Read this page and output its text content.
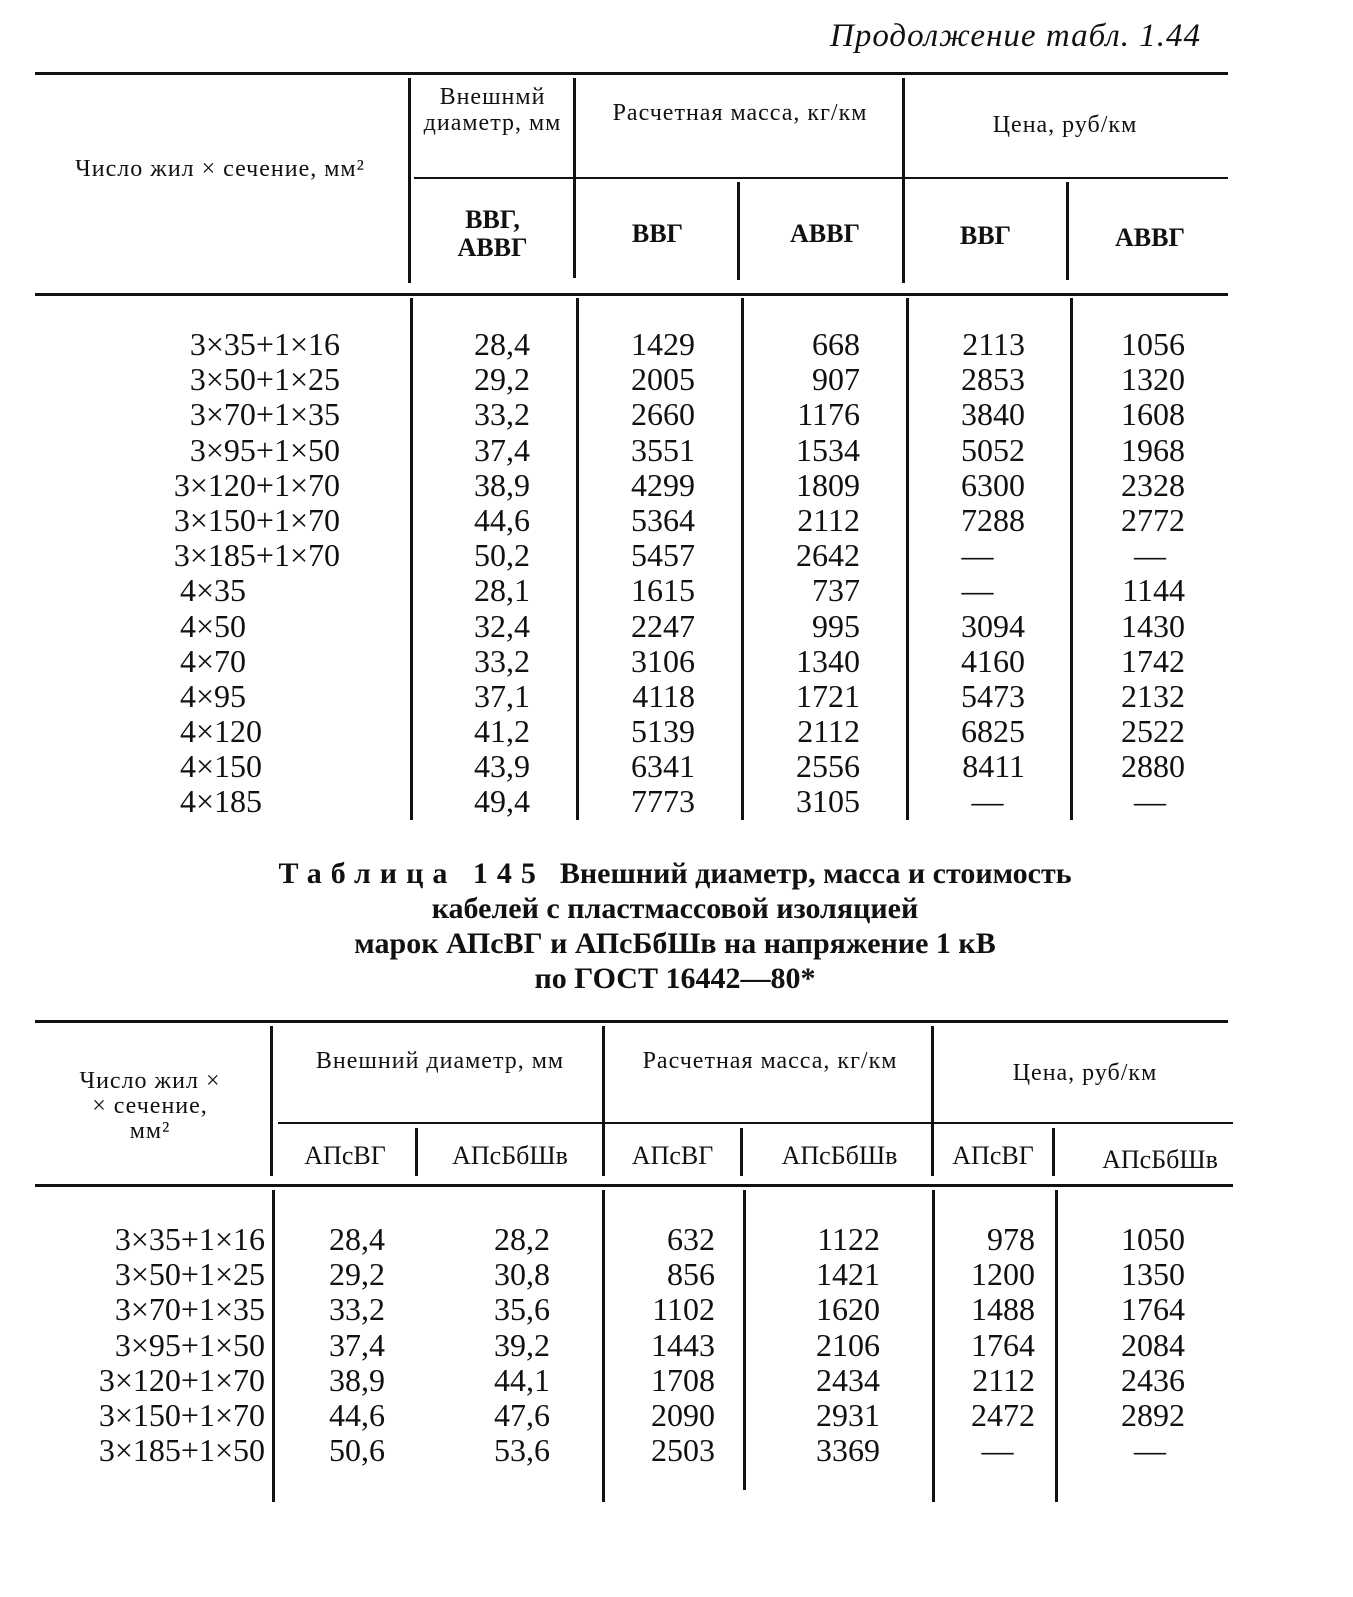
Продолжение табл. 1.44
Число жил × сечение, мм²
Внешнмй диаметр, мм
ВВГ, АВВГ
Расчетная масса, кг/км	Цена, руб/км
ВВГ	АВВГ	ВВГ	АВВГ
3×35+1×16	28,4	1429	668	2113	1056
3×50+1×25	29,2	2005	907	2853	1320
3×70+1×35	33,2	2660	1176	3840	1608
3×95+1×50	37,4	3551	1534	5052	1968
3×120+1×70	38,9	4299	1809	6300	2328
3×150+1×70	44,6	5364	2112	7288	2772
3×185+1×70	50,2	5457	2642	—	—
4×35	28,1	1615	737	—	1144
4×50	32,4	2247	995	3094	1430
4×70	33,2	3106	1340	4160	1742
4×95	37,1	4118	1721	5473	2132
4×120	41,2	5139	2112	6825	2522
4×150	43,9	6341	2556	8411	2880
4×185	49,4	7773	3105	—	—
Таблица 145 Внешний диаметр, масса и стоимость
кабелей с пластмассовой изоляцией
марок АПсВГ и АПсБбШв на напряжение 1 кВ
по ГОСТ 16442—80*
Число жил ×
× сечение,
мм²
Внешний диаметр, мм	Расчетная масса, кг/км	Цена, руб/км
АПсВГ	АПсБбШв	АПсВГ	АПсБбШв	АПсВГ	АПсБбШв
3×35+1×16	28,4	28,2	632	1122	978	1050
3×50+1×25	29,2	30,8	856	1421	1200	1350
3×70+1×35	33,2	35,6	1102	1620	1488	1764
3×95+1×50	37,4	39,2	1443	2106	1764	2084
3×120+1×70	38,9	44,1	1708	2434	2112	2436
3×150+1×70	44,6	47,6	2090	2931	2472	2892
3×185+1×50	50,6	53,6	2503	3369	—	—
